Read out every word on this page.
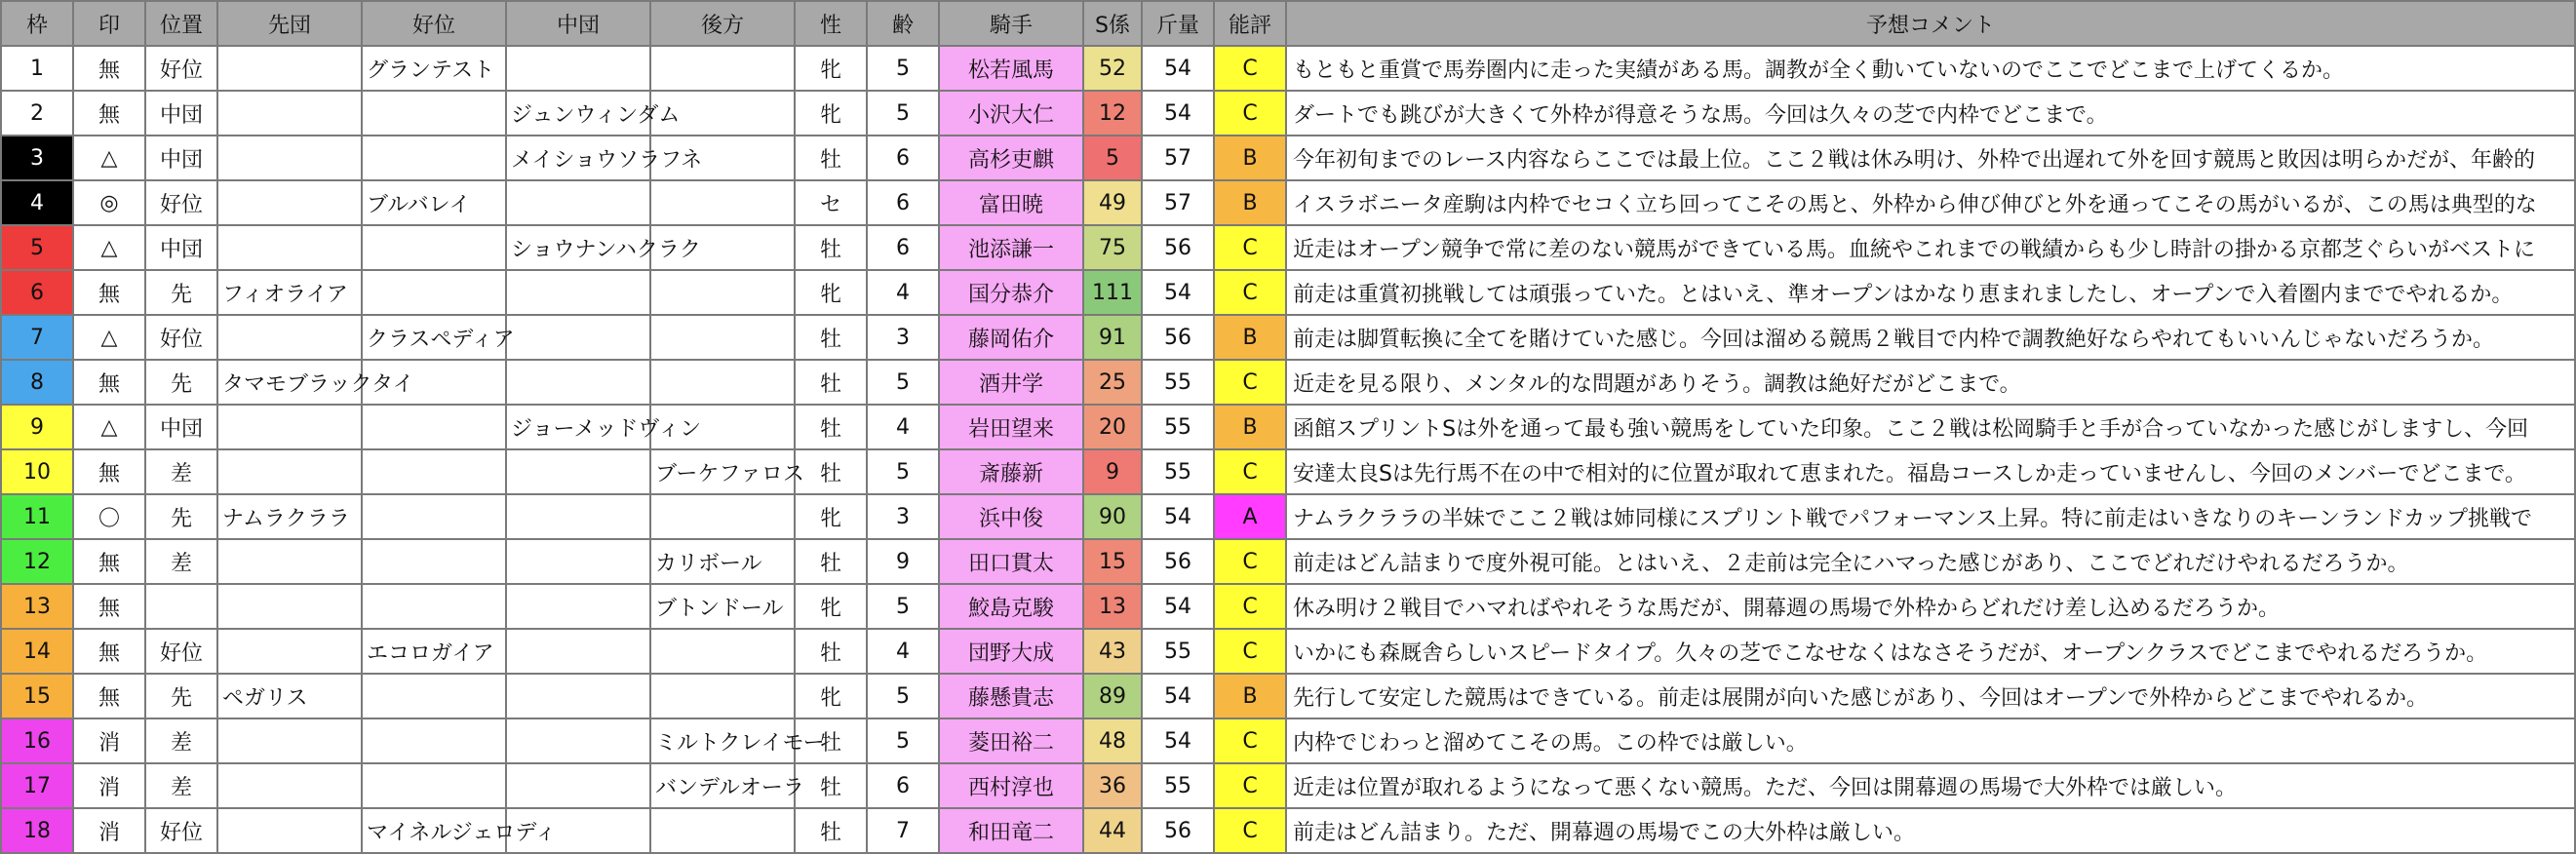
枠	印	位置	先団	好位	中団	後方	性	齢	騎手	S係	斤量	能評	予想コメント
1	無	好位		グランテスト			牝	5	松若風馬	52	54	C	もともと重賞で馬券圏内に走った実績がある馬。調教が全く動いていないのでここでどこまで上げてくるか。
2	無	中団			ジュンウィンダム		牝	5	小沢大仁	12	54	C	ダートでも跳びが大きくて外枠が得意そうな馬。今回は久々の芝で内枠でどこまで。
3	△	中団			メイショウソラフネ		牡	6	高杉吏麒	5	57	B	今年初旬までのレース内容ならここでは最上位。ここ２戦は休み明け、外枠で出遅れて外を回す競馬と敗因は明らかだが、年齢的
4	◎	好位		ブルバレイ			セ	6	富田暁	49	57	B	イスラボニータ産駒は内枠でセコく立ち回ってこその馬と、外枠から伸び伸びと外を通ってこその馬がいるが、この馬は典型的な
5	△	中団			ショウナンハクラク		牡	6	池添謙一	75	56	C	近走はオープン競争で常に差のない競馬ができている馬。血統やこれまでの戦績からも少し時計の掛かる京都芝ぐらいがベストに
6	無	先	フィオライア				牝	4	国分恭介	111	54	C	前走は重賞初挑戦しては頑張っていた。とはいえ、準オープンはかなり恵まれましたし、オープンで入着圏内まででやれるか。
7	△	好位		クラスペディア			牡	3	藤岡佑介	91	56	B	前走は脚質転換に全てを賭けていた感じ。今回は溜める競馬２戦目で内枠で調教絶好ならやれてもいいんじゃないだろうか。
8	無	先	タマモブラックタイ				牡	5	酒井学	25	55	C	近走を見る限り、メンタル的な問題がありそう。調教は絶好だがどこまで。
9	△	中団			ジョーメッドヴィン		牡	4	岩田望来	20	55	B	函館スプリントSは外を通って最も強い競馬をしていた印象。ここ２戦は松岡騎手と手が合っていなかった感じがしますし、今回
10	無	差				ブーケファロス	牡	5	斎藤新	9	55	C	安達太良Sは先行馬不在の中で相対的に位置が取れて恵まれた。福島コースしか走っていませんし、今回のメンバーでどこまで。
11	〇	先	ナムラクララ				牝	3	浜中俊	90	54	A	ナムラクララの半妹でここ２戦は姉同様にスプリント戦でパフォーマンス上昇。特に前走はいきなりのキーンランドカップ挑戦で
12	無	差				カリボール	牡	9	田口貫太	15	56	C	前走はどん詰まりで度外視可能。とはいえ、２走前は完全にハマった感じがあり、ここでどれだけやれるだろうか。
13	無					ブトンドール	牝	5	鮫島克駿	13	54	C	休み明け２戦目でハマればやれそうな馬だが、開幕週の馬場で外枠からどれだけ差し込めるだろうか。
14	無	好位		エコロガイア			牡	4	団野大成	43	55	C	いかにも森厩舎らしいスピードタイプ。久々の芝でこなせなくはなさそうだが、オープンクラスでどこまでやれるだろうか。
15	無	先	ペガリス				牝	5	藤懸貴志	89	54	B	先行して安定した競馬はできている。前走は展開が向いた感じがあり、今回はオープンで外枠からどこまでやれるか。
16	消	差				ミルトクレイモー	牡	5	菱田裕二	48	54	C	内枠でじわっと溜めてこその馬。この枠では厳しい。
17	消	差				バンデルオーラ	牡	6	西村淳也	36	55	C	近走は位置が取れるようになって悪くない競馬。ただ、今回は開幕週の馬場で大外枠では厳しい。
18	消	好位		マイネルジェロディ			牡	7	和田竜二	44	56	C	前走はどん詰まり。ただ、開幕週の馬場でこの大外枠は厳しい。
